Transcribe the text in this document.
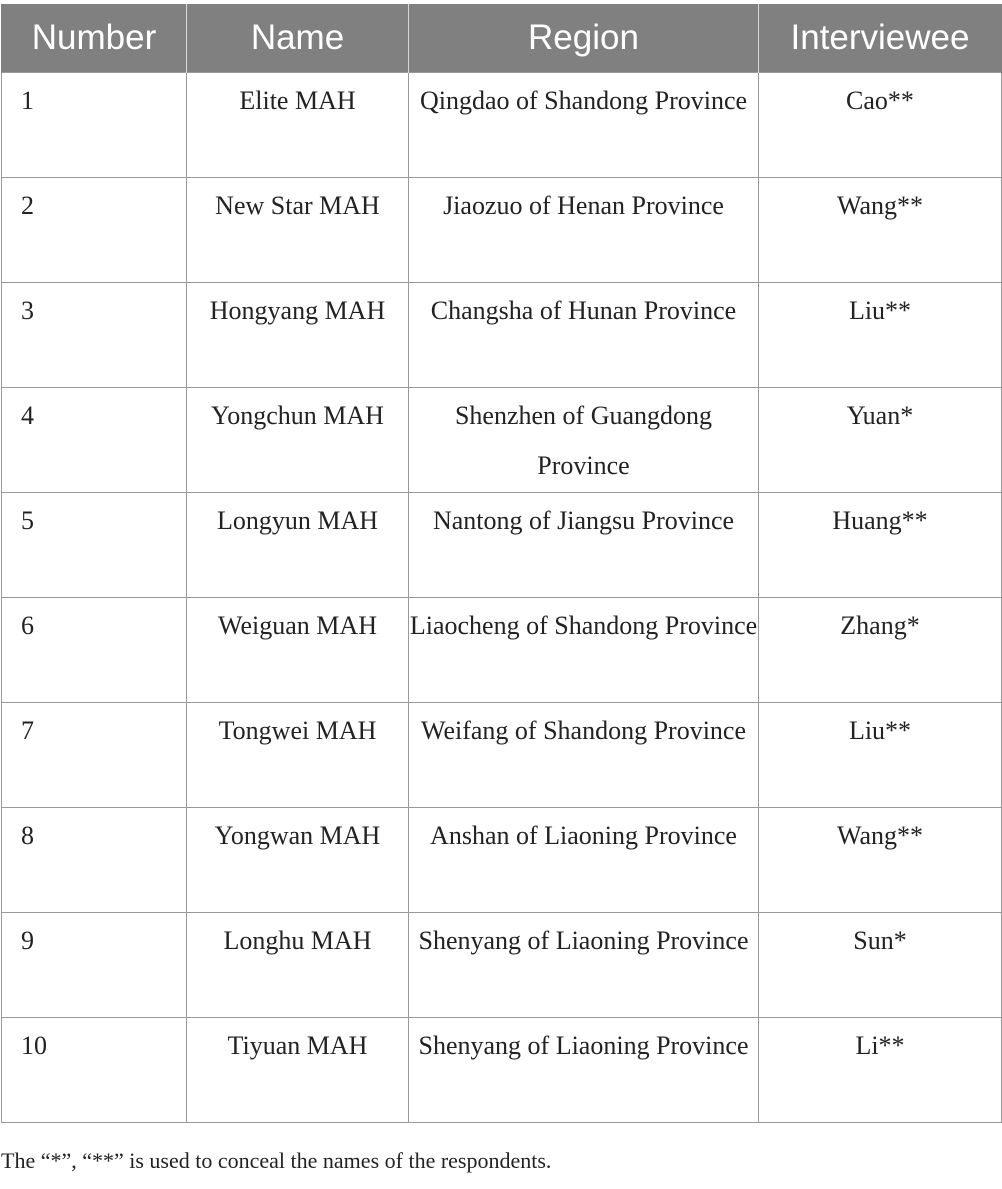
Number	Name	Region	Interviewee

1	Elite MAH	Qingdao of Shandong Province	Cao**

2	New Star MAH	Jiaozuo of Henan Province	Wang**

3	Hongyang MAH	Changsha of Hunan Province	Liu**

4	Yongchun MAH	Shenzhen of Guangdong Province	Yuan*

5	Longyun MAH	Nantong of Jiangsu Province	Huang**

6	Weiguan MAH	Liaocheng of Shandong Province	Zhang*

7	Tongwei MAH	Weifang of Shandong Province	Liu**

8	Yongwan MAH	Anshan of Liaoning Province	Wang**

9	Longhu MAH	Shenyang of Liaoning Province	Sun*

10	Tiyuan MAH	Shenyang of Liaoning Province	Li**
The “*”, “**” is used to conceal the names of the respondents.
